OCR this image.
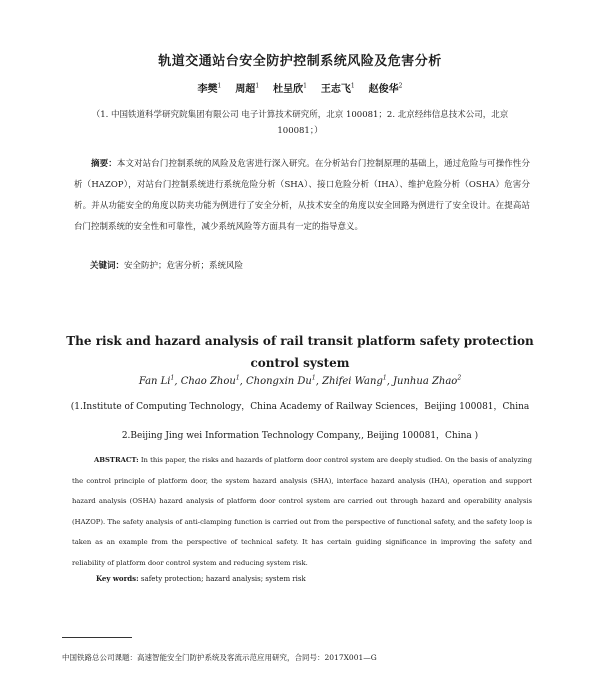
轨道交通站台安全防护控制系统风险及危害分析
李樊$^1$ 周超$^1$ 杜呈欣$^1$ 王志飞$^1$ 赵俊华$^2$
（1. 中国铁道科学研究院集团有限公司 电子计算技术研究所，北京 100081；2. 北京经纬信息技术公司，北京 100081；）
摘要：本文对站台门控制系统的风险及危害进行深入研究。在分析站台门控制原理的基础上，通过危险与可操作性分析（HAZOP），对站台门控制系统进行系统危险分析（SHA）、接口危险分析（IHA）、维护危险分析（OSHA）危害分析。并从功能安全的角度以防夹功能为例进行了安全分析，从技术安全的角度以安全回路为例进行了安全设计。在提高站台门控制系统的安全性和可靠性，减少系统风险等方面具有一定的指导意义。
关键词：安全防护；危害分析；系统风险
The risk and hazard analysis of rail transit platform safety protection control system
Fan Li$^1$, Chao Zhou$^1$, Chongxin Du$^1$, Zhifei Wang$^1$, Junhua Zhao$^2$
(1.Institute of Computing Technology，China Academy of Railway Sciences，Beijing 100081，China
2.Beijing Jing wei Information Technology Company,, Beijing 100081，China )
ABSTRACT: In this paper, the risks and hazards of platform door control system are deeply studied. On the basis of analyzing the control principle of platform door, the system hazard analysis (SHA), interface hazard analysis (IHA), operation and support hazard analysis (OSHA) hazard analysis of platform door control system are carried out through hazard and operability analysis (HAZOP). The safety analysis of anti-clamping function is carried out from the perspective of functional safety, and the safety loop is taken as an example from the perspective of technical safety. It has certain guiding significance in improving the safety and reliability of platform door control system and reducing system risk.
Key words: safety protection; hazard analysis; system risk
中国铁路总公司课题：高速智能安全门防护系统及客流示范应用研究，合同号：2017X001—G
